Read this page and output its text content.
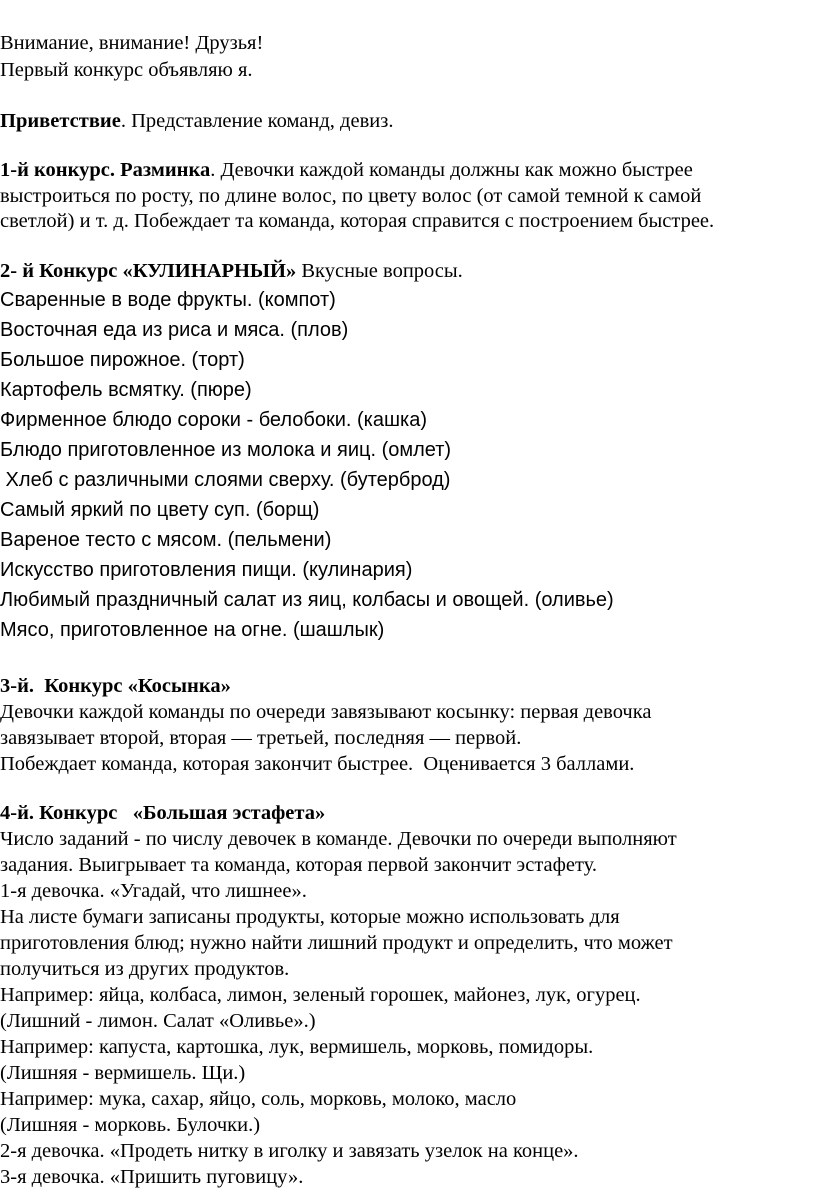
Внимание, внимание! Друзья!
Первый конкурс объявляю я.
Приветствие. Представление команд, девиз.
1-й конкурс. Разминка. Девочки каждой команды должны как можно быстрее
выстроиться по росту, по длине волос, по цвету волос (от самой темной к самой
светлой) и т. д. Побеждает та команда, которая справится с построением быстрее.
2- й Конкурс «КУЛИНАРНЫЙ» Вкусные вопросы.
Сваренные в воде фрукты. (компот)
Восточная еда из риса и мяса. (плов)
Большое пирожное. (торт)
Картофель всмятку. (пюре)
Фирменное блюдо сороки - белобоки. (кашка)
Блюдо приготовленное из молока и яиц. (омлет)
Хлеб с различными слоями сверху. (бутерброд)
Самый яркий по цвету суп. (борщ)
Вареное тесто с мясом. (пельмени)
Искусство приготовления пищи. (кулинария)
Любимый праздничный салат из яиц, колбасы и овощей. (оливье)
Мясо, приготовленное на огне. (шашлык)
3-й.  Конкурс «Косынка»
Девочки каждой команды по очереди завязывают косынку: первая девочка
завязывает второй, вторая — третьей, последняя — первой.
Побеждает команда, которая закончит быстрее.  Оценивается 3 баллами.
4-й. Конкурс   «Большая эстафета»
Число заданий - по числу девочек в команде. Девочки по очереди выполняют
задания. Выигрывает та команда, которая первой закончит эстафету.
1-я девочка. «Угадай, что лишнее».
На листе бумаги записаны продукты, которые можно использовать для
приготовления блюд; нужно найти лишний продукт и определить, что может
получиться из других продуктов.
Например: яйца, колбаса, лимон, зеленый горошек, майонез, лук, огурец.
(Лишний - лимон. Салат «Оливье».)
Например: капуста, картошка, лук, вермишель, морковь, помидоры.
(Лишняя - вермишель. Щи.)
Например: мука, сахар, яйцо, соль, морковь, молоко, масло
(Лишняя - морковь. Булочки.)
2-я девочка. «Продеть нитку в иголку и завязать узелок на конце».
3-я девочка. «Пришить пуговицу».
